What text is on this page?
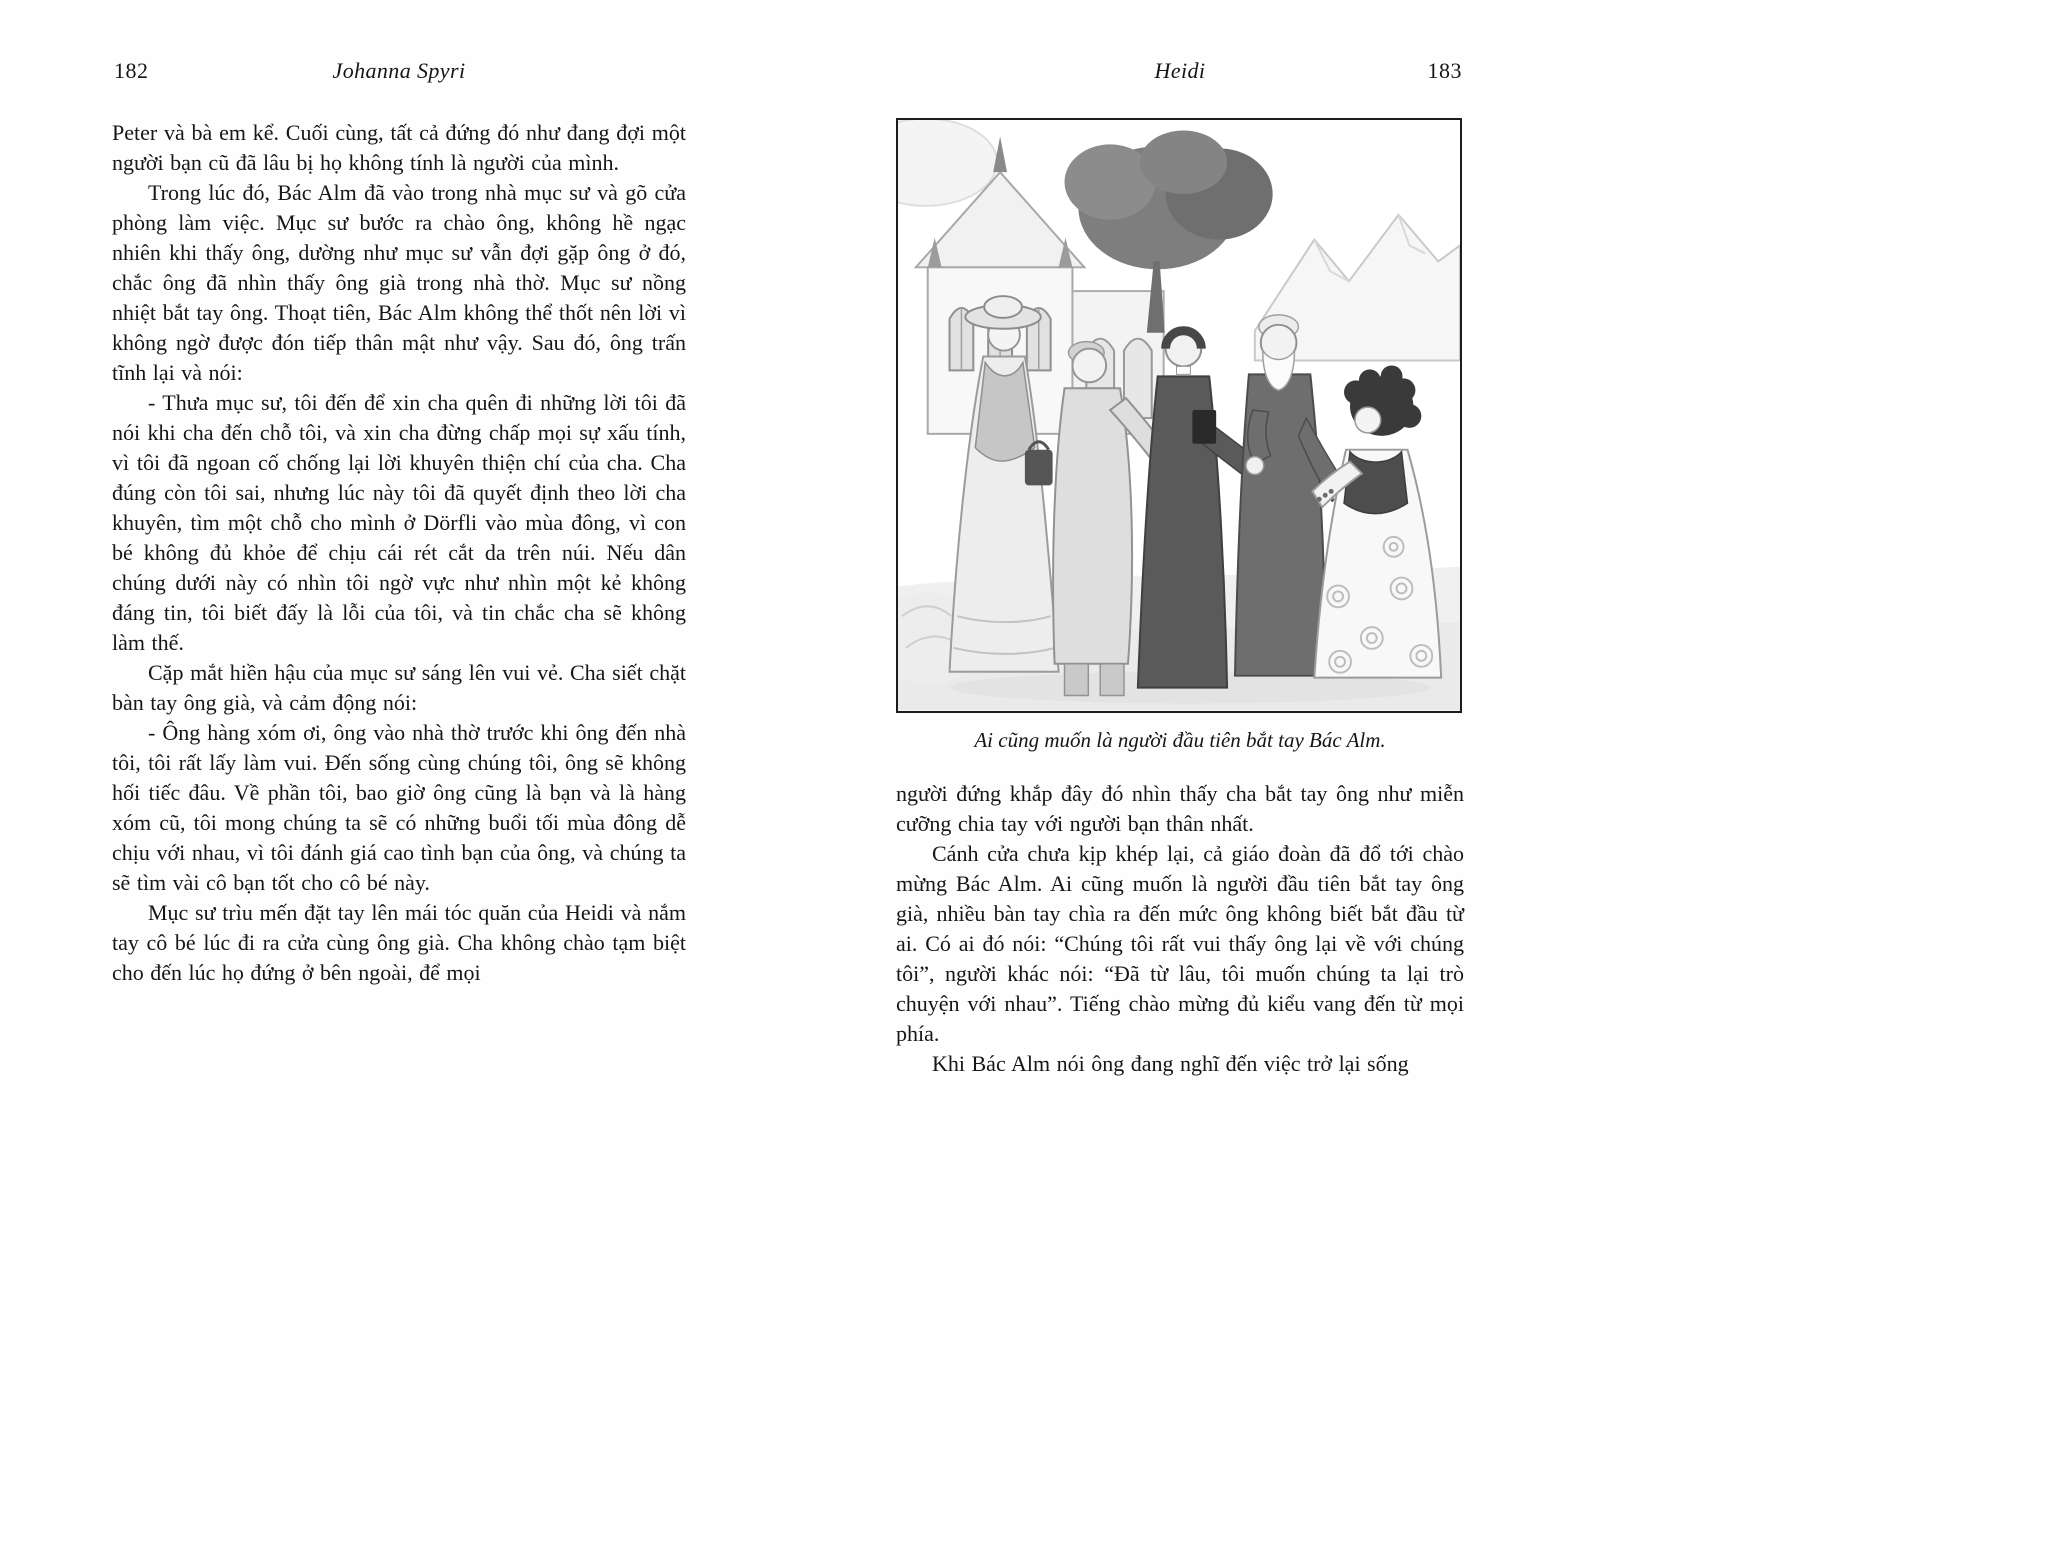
182	Johanna Spyri

Peter và bà em kể. Cuối cùng, tất cả đứng đó như đang đợi một người bạn cũ đã lâu bị họ không tính là người của mình.

Trong lúc đó, Bác Alm đã vào trong nhà mục sư và gõ cửa phòng làm việc. Mục sư bước ra chào ông, không hề ngạc nhiên khi thấy ông, dường như mục sư vẫn đợi gặp ông ở đó, chắc ông đã nhìn thấy ông già trong nhà thờ. Mục sư nồng nhiệt bắt tay ông. Thoạt tiên, Bác Alm không thể thốt nên lời vì không ngờ được đón tiếp thân mật như vậy. Sau đó, ông trấn tĩnh lại và nói:

- Thưa mục sư, tôi đến để xin cha quên đi những lời tôi đã nói khi cha đến chỗ tôi, và xin cha đừng chấp mọi sự xấu tính, vì tôi đã ngoan cố chống lại lời khuyên thiện chí của cha. Cha đúng còn tôi sai, nhưng lúc này tôi đã quyết định theo lời cha khuyên, tìm một chỗ cho mình ở Dörfli vào mùa đông, vì con bé không đủ khỏe để chịu cái rét cắt da trên núi. Nếu dân chúng dưới này có nhìn tôi ngờ vực như nhìn một kẻ không đáng tin, tôi biết đấy là lỗi của tôi, và tin chắc cha sẽ không làm thế.

Cặp mắt hiền hậu của mục sư sáng lên vui vẻ. Cha siết chặt bàn tay ông già, và cảm động nói:

- Ông hàng xóm ơi, ông vào nhà thờ trước khi ông đến nhà tôi, tôi rất lấy làm vui. Đến sống cùng chúng tôi, ông sẽ không hối tiếc đâu. Về phần tôi, bao giờ ông cũng là bạn và là hàng xóm cũ, tôi mong chúng ta sẽ có những buổi tối mùa đông dễ chịu với nhau, vì tôi đánh giá cao tình bạn của ông, và chúng ta sẽ tìm vài cô bạn tốt cho cô bé này.

Mục sư trìu mến đặt tay lên mái tóc quăn của Heidi và nắm tay cô bé lúc đi ra cửa cùng ông già. Cha không chào tạm biệt cho đến lúc họ đứng ở bên ngoài, để mọi

Heidi	183
Ai cũng muốn là người đầu tiên bắt tay Bác Alm.

người đứng khắp đây đó nhìn thấy cha bắt tay ông như miễn cưỡng chia tay với người bạn thân nhất.

Cánh cửa chưa kịp khép lại, cả giáo đoàn đã đổ tới chào mừng Bác Alm. Ai cũng muốn là người đầu tiên bắt tay ông già, nhiều bàn tay chìa ra đến mức ông không biết bắt đầu từ ai. Có ai đó nói: “Chúng tôi rất vui thấy ông lại về với chúng tôi”, người khác nói: “Đã từ lâu, tôi muốn chúng ta lại trò chuyện với nhau”. Tiếng chào mừng đủ kiểu vang đến từ mọi phía.

Khi Bác Alm nói ông đang nghĩ đến việc trở lại sống
